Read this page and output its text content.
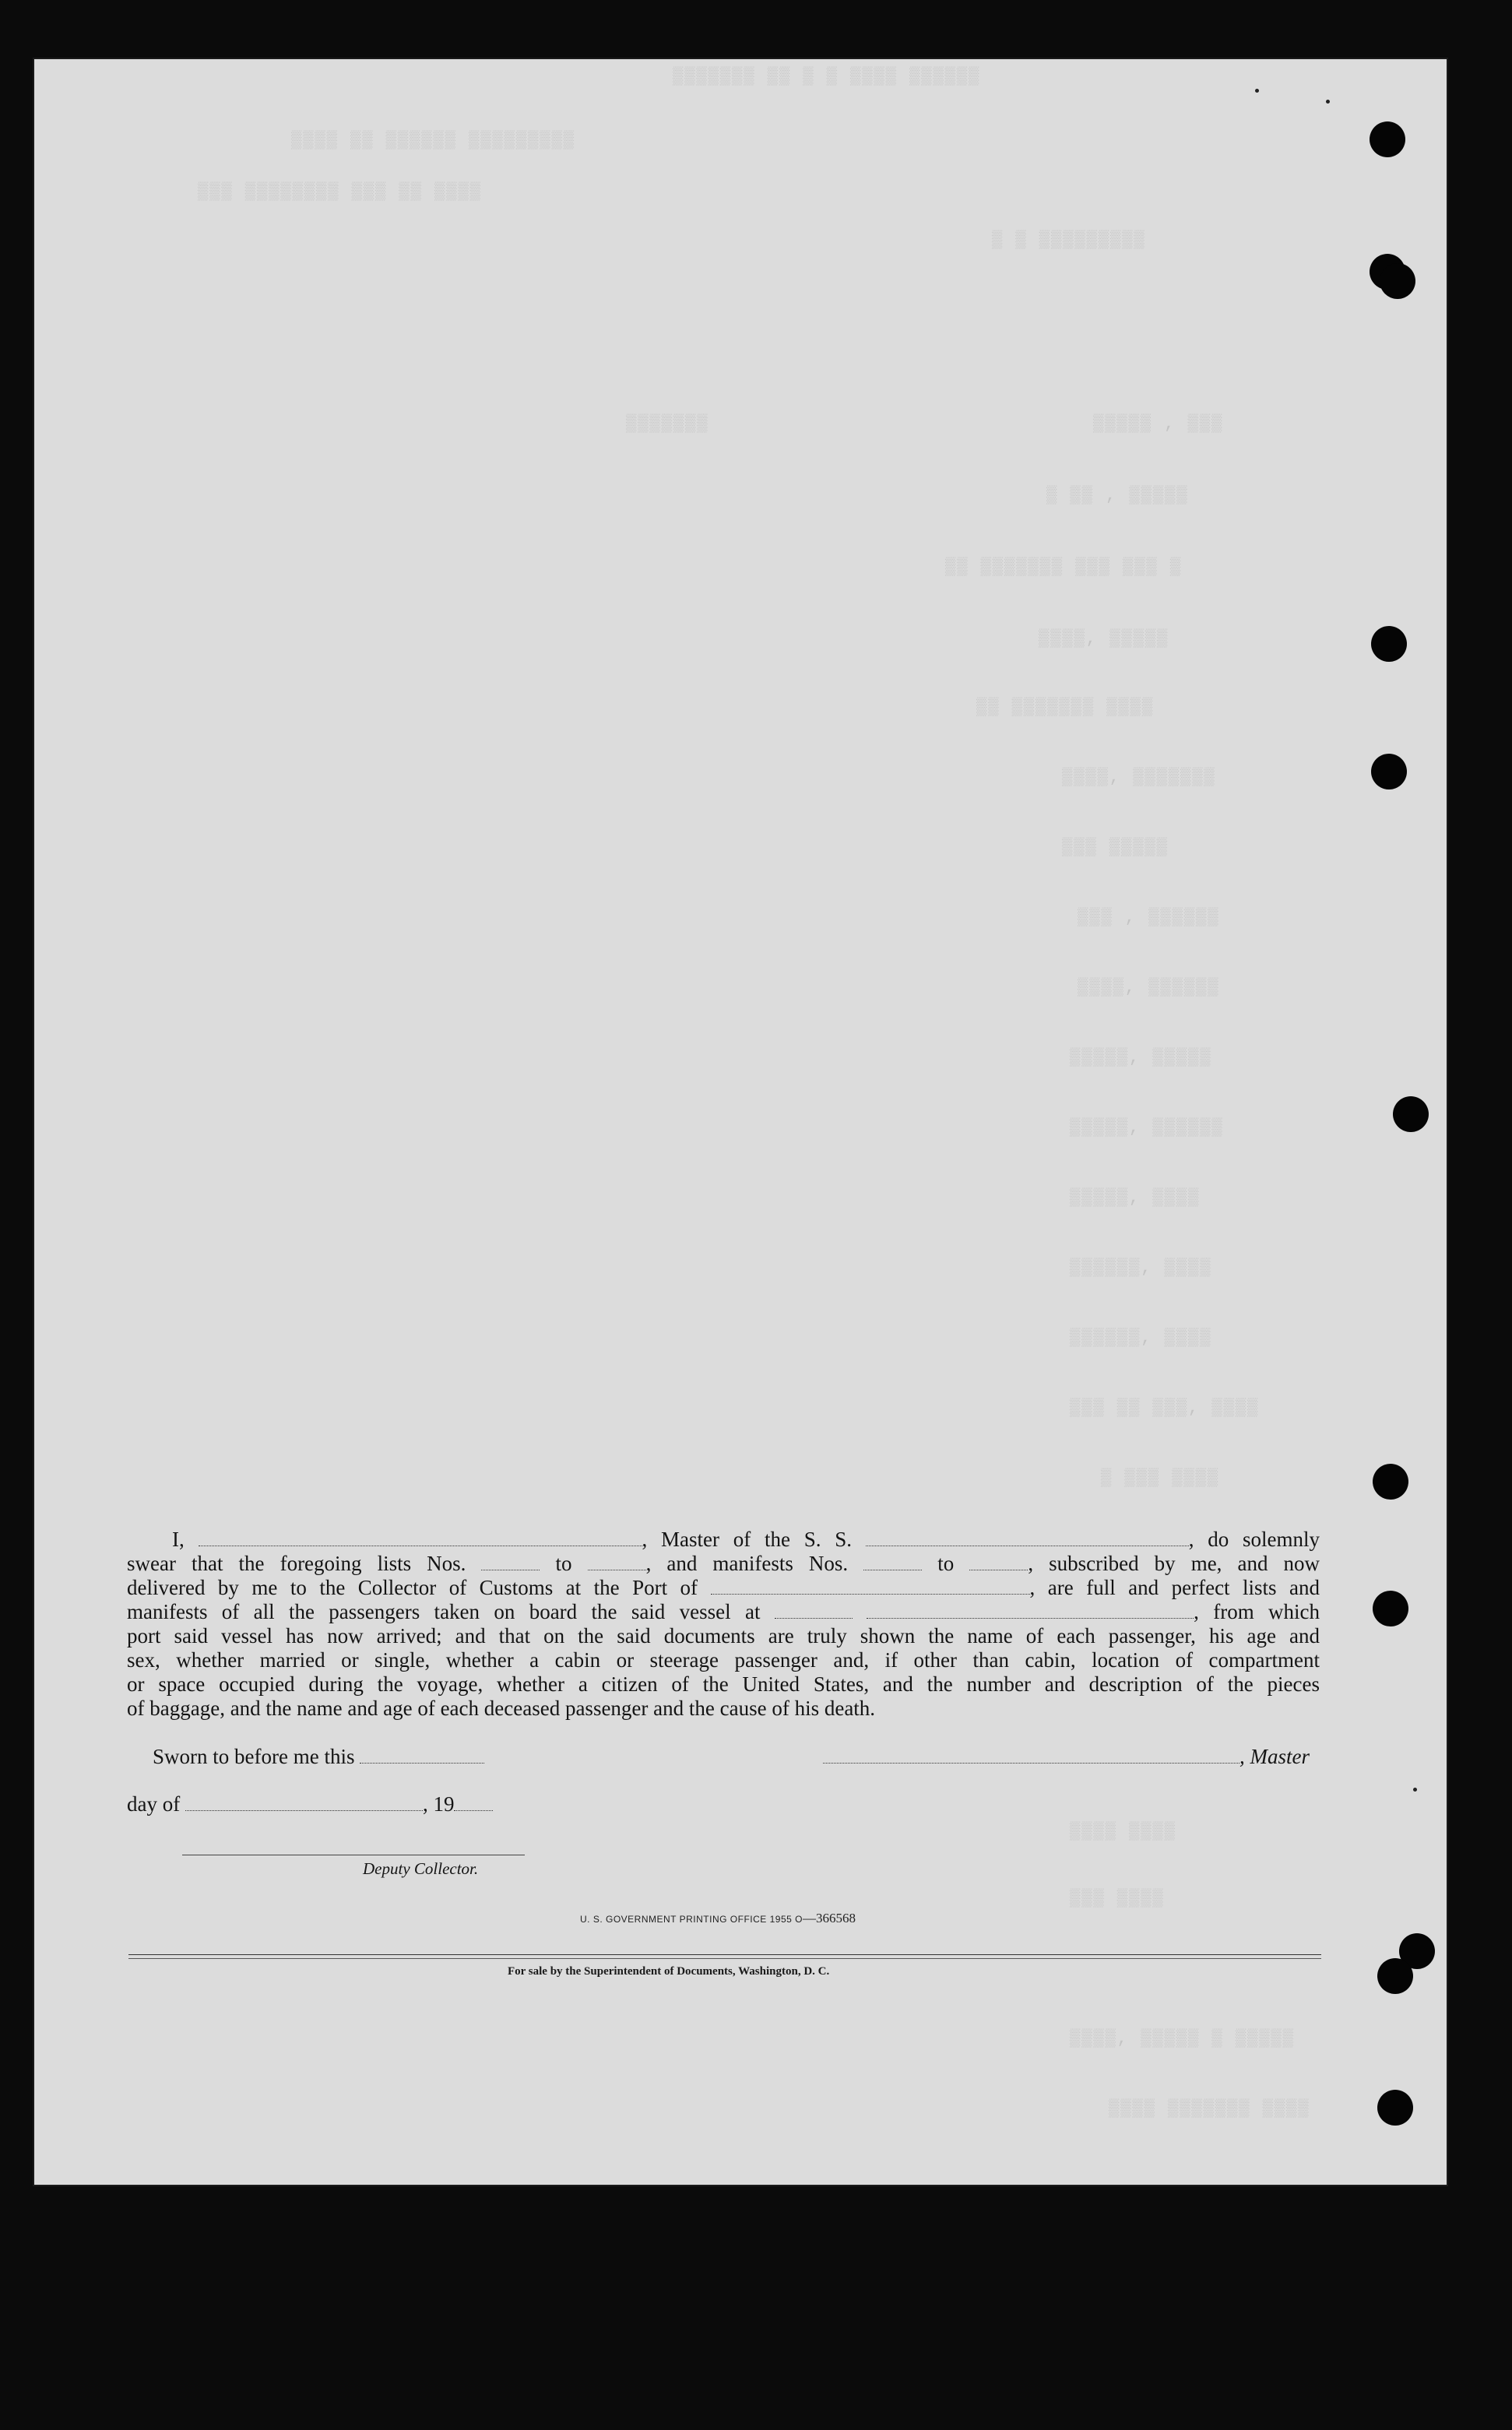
▒▒▒▒▒▒▒ ▒▒ ▒ ▒ ▒▒▒▒ ▒▒▒▒▒▒
▒▒▒▒ ▒▒ ▒▒▒▒▒▒ ▒▒▒▒▒▒▒▒▒
▒▒▒ ▒▒▒▒▒▒▒▒ ▒▒▒ ▒▒ ▒▒▒▒
▒ ▒ ▒▒▒▒▒▒▒▒▒
▒▒▒▒▒ , ▒▒▒
▒▒▒▒▒▒▒
▒ ▒▒ , ▒▒▒▒▒
▒▒ ▒▒▒▒▒▒▒ ▒▒▒ ▒▒▒ ▒
▒▒▒▒, ▒▒▒▒▒
▒▒ ▒▒▒▒▒▒▒ ▒▒▒▒
▒▒▒▒, ▒▒▒▒▒▒▒
▒▒▒ ▒▒▒▒▒
▒▒▒ , ▒▒▒▒▒▒
▒▒▒▒, ▒▒▒▒▒▒
▒▒▒▒▒, ▒▒▒▒▒
▒▒▒▒▒, ▒▒▒▒▒▒
▒▒▒▒▒, ▒▒▒▒
▒▒▒▒▒▒, ▒▒▒▒
▒▒▒▒▒▒, ▒▒▒▒
▒▒▒ ▒▒ ▒▒▒, ▒▒▒▒
▒ ▒▒▒ ▒▒▒▒
▒▒▒▒ ▒▒▒▒
▒▒▒ ▒▒▒▒
▒▒▒▒, ▒▒▒▒▒ ▒ ▒▒▒▒▒
▒▒▒▒ ▒▒▒▒▒▒▒ ▒▒▒▒
I,	, Master of the S. S.	, do solemnly
swear that the foregoing lists Nos.	to	, and manifests Nos.	to	, subscribed by me, and now
delivered by me to the Collector of Customs at the Port of	, are full and perfect lists and
manifests of all the passengers taken on board the said vessel at	, from which
port said vessel has now arrived; and that on the said documents are truly shown the name of each passenger, his age and
sex, whether married or single, whether a cabin or steerage passenger and, if other than cabin, location of compartment
or space occupied during the voyage, whether a citizen of the United States, and the number and description of the pieces
of baggage, and the name and age of each deceased passenger and the cause of his death.
Sworn to before me this	, Master
day of	, 19
Deputy Collector.
U. S. GOVERNMENT PRINTING OFFICE 1955 O—366568
For sale by the Superintendent of Documents, Washington, D. C.
